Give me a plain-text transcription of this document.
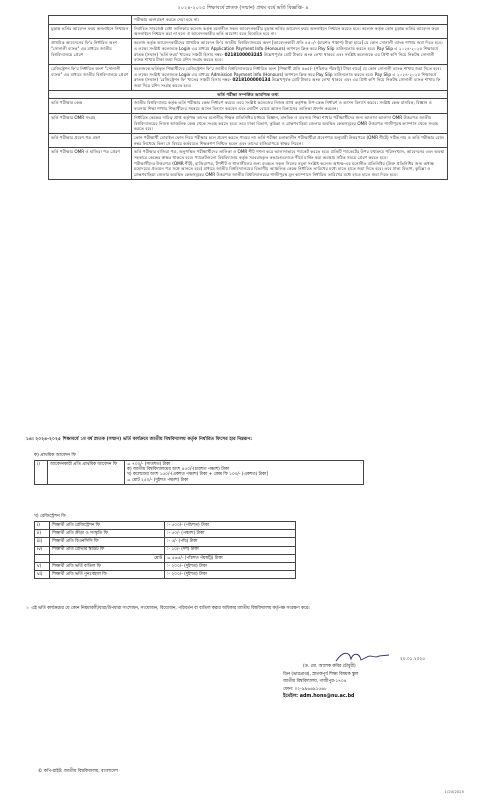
২০২৪-২০২৫ শিক্ষাবর্ষে স্নাতক (সম্মান) প্রথম বর্ষে ভর্তি বিজ্ঞপ্তি- ৪
	পরীক্ষায় অংশগ্রহণ করতে দেয়া হবে না।
চূড়ান্ত ভর্তির আবেদন ফরম অনলাইনে নিশ্চায়ন	নির্বাচিত সাবজেক্ট মেধা তালিকায় কলেজ কর্তৃক মনোনীত সকল আবেদনকারীর চূড়ান্ত ভর্তির আবেদন ফরম অনলাইনে নিশ্চয়ন করতে হবে। কলেজ কর্তৃক কোন চূড়ান্ত ভর্তির আবেদন ফরম অনলাইনে নিশ্চয়ন করা না হলে ঐ আবেদনকারীর ভর্তি অযোগ্য বলে বিবেচিত হবে না।
প্রাথমিক আবেদনের ফি'র নির্ধারিত অংশ "সোনালী ব্যাংক" এর মাধ্যমে জাতীয় বিশ্ববিদ্যালয়ে প্রেরণ	কলেজ কর্তৃক আবেদনকারীদের প্রাথমিক আবেদন ফি'র জাতীয় বিশ্ববিদ্যালয়ের অংশ [আবেদনকারী প্রতি ৪৫০/- (চারশত পঞ্চাশ) টাকা হারে] যে কোন সোনালী ব্যাংক শাখায় জমা দিতে হবে। এ লক্ষ্যে সংশ্লিষ্ট কলেজকে Login এর মাধ্যমে Application Payment Info (Honours) অপশনে ক্লিক করে Pay Slip ডাউনলোড করতে হবে। Pay Slip এ ২০২৪-২০২৫ শিক্ষাবর্ষে স্নাতক (সম্মান) 'ভর্তি ফরম' খাতের সঞ্চয়ী হিসাব নম্বর- 0218100003245 উল্লেখপূর্বক মোট টাকার অংক লেখা থাকবে এবং সংশ্লিষ্ট কলেজকে এর প্রিন্ট কপি নিয়ে নিকটস্থ সোনালী ব্যাংক শাখায় টাকা জমা দিয়ে রশিদ সংগ্রহ করতে হবে।
রেজিস্ট্রেশন ফি'র নির্ধারিত অংশ "সোনালী ব্যাংক" এর মাধ্যমে জাতীয় বিশ্ববিদ্যালয়ে প্রেরণ	কলেজকে ভর্তিকৃত শিক্ষার্থীদের রেজিস্ট্রেশন ফি'র জাতীয় বিশ্ববিদ্যালয়ের নির্ধারিত অংশ [শিক্ষার্থী প্রতি ৫৬৫/- (পাঁচশত পঁয়ষট্টি) টাকা হারে] যে কোন সোনালী ব্যাংক শাখায় জমা দিতে হবে। এ লক্ষ্যে সংশ্লিষ্ট কলেজকে Login এর মাধ্যমে Admission Payment Info (Honours) অপশনে ক্লিক করে Pay Slip ডাউনলোড করতে হবে। Pay Slip এ ২০২৪-২০২৫ শিক্ষাবর্ষে স্নাতক (সম্মান) 'রেজিস্ট্রেশন ফি' খাতের সঞ্চয়ী হিসাব নম্বর- 0218100000134 উল্লেখপূর্বক মোট টাকার অংক লেখা থাকবে এবং এর প্রিন্ট কপি নিয়ে নিকটস্থ সোনালী ব্যাংক শাখায় ফি জমা দিয়ে রশিদ সংগ্রহ করতে হবে।
ভর্তি পরীক্ষা সম্পর্কিত আবশ্যিক তথ্য	
ভর্তি পরীক্ষার কেন্দ্র	জাতীয় বিশ্ববিদ্যালয় কর্তৃক ভর্তি পরীক্ষার কেন্দ্র নির্ধারণ করবে। তবে সংশ্লিষ্ট কলেজের নিজস্ব প্রাপ্ত কর্তৃপক্ষ উপ-কেন্দ্র নির্ধারণ ও আসন বিন্যাস করবে। সংশ্লিষ্ট কেন্দ্র মানবিক, বিজ্ঞান ও ব্যবসায় শিক্ষা শাখার শিক্ষার্থীদের সমন্বয়ে আসন বিন্যাস করবেন এবং নোটিশ বোর্ডে আসন বিন্যাসের তালিকা প্রদর্শন করবেন।
ভর্তি পরীক্ষার OMR সংগ্রহ	নির্ধারিত কেন্দ্রের দায়িত্ব প্রাপ্ত কর্তৃপক্ষ তাদের মনোনীত শিক্ষক প্রতিনিধির মাধ্যমে বিজ্ঞান, মানবিক ও ব্যবসায় শিক্ষা শাখার পরীক্ষার্থীদের জন্য আলাদা আলাদা OMR উত্তরপত্র জাতীয় বিশ্ববিদ্যালয়ের নিজস্ব আঞ্চলিক কেন্দ্র থেকে সংগ্রহ করতে হবে। তবে ঢাকা বিভাগ, কুমিল্লা ও ব্রাহ্মণবাড়িয়া জেলার অবস্থিত কেন্দ্রসমূহের OMR উত্তরপত্র গাজীপুরস্থ ক্যাম্পাস থেকে সংগ্রহ করতে হবে।
ভর্তি পরীক্ষার প্রবেশ পত্র গ্রহণ	কোন পরীক্ষার্থী মোবাইল ফোন নিয়ে পরীক্ষার হলে প্রবেশ করতে পারবে না। ভর্তি পরীক্ষা চলাকালীন পরীক্ষার্থীরা প্রবেশপত্র অনুযায়ী উত্তরপত্রে (OMR শীটে) সঠিক নাম ও ভর্তি পরীক্ষার রোল নম্বর লিখেছে কিনা সে বিষয়ে কর্তব্যরত শিক্ষকগণ নিশ্চিত হবেন এবং তাদের হাজিরাপত্রে স্বাক্ষর নিবেন।
ভর্তি পরীক্ষার OMR ও হাজিরা পত্র প্রেরণ	ভর্তি পরীক্ষার হাজিরা পত্র, অনুপস্থিত পরীক্ষার্থীদের তালিকা ও OMR শীট গণনা করে আলাদাভাবে প্যাকেট করতে হবে। প্রতিটি প্যাকেটের উপর যথাক্রমে পরিসংখ্যান, আবেদনের এবং অবস্থা সহকারে কেন্দ্রের স্বাক্ষর থাকতে হবে। প্যাকেটগুলো বিশ্ববিদ্যালয় কর্তৃক সরবরাহকৃত কভারগুলোতে শীর্ষে মার্কিং করা অবস্থায় সঠিক সময়ে প্রেরণ করতে হবে।
পরীক্ষার্থীদের উত্তরপত্র (OMR শীট), হাজিরাপত্র, টপশীট ও গালাসীলের জন্য ব্যবহৃত সকল সিলের নমুনা সংশ্লিষ্ট কলেজ অধ্যক্ষ-এর মনোনীত প্রতিনিধির (উক্ত প্রতিনিধির জন্য অধ্যক্ষ মহোদয়ের প্রত্যয়ন পত্র সঙ্গে আনতে হবে) মাধ্যমে জাতীয় বিশ্ববিদ্যালয়ের বিভাগীয় আঞ্চলিক কেন্দ্রে নির্ধারিত তারিখের মধ্যে হাতে হাতে জমা দিতে হবে। তবে ঢাকা বিভাগ, কুমিল্লা ও ব্রাহ্মণবাড়িয়া জেলার অবস্থিত কেন্দ্রসমূহের OMR উত্তরপত্র জাতীয় বিশ্ববিদ্যালয়ের গাজীপুরস্থ মূল ক্যাম্পাসে নির্ধারিত তারিখের মধ্যে হাতে হাতে জমা দিতে হবে।
১৪। ২০২৪-২০২৫ শিক্ষাবর্ষে ১ম বর্ষ স্নাতক (সম্মান) ভর্তি কার্যক্রমে জাতীয় বিশ্ববিদ্যালয় কর্তৃক নির্ধারিত ফিসের হার নিম্নরূপ:
ক) প্রাথমিক আবেদন ফি
i)	আবেদনকারী প্রতি প্রাথমিক আবেদন ফি	= ৭০০/- (সাতশত) টাকা
ক) জাতীয় বিশ্ববিদ্যালয়ের অংশ ৪৫০/-(চারশত পঞ্চাশ) টাকা
খ) কলেজের অংশ ১৫০/-(একশত পঞ্চাশ) টাকা + কেন্দ্র ফি ১০০/- (একশত) টাকা]
= মোট ২৫০/- (দুইশত পঞ্চাশ) টাকা
খ) রেজিস্ট্রেশন ফি
i)	শিক্ষার্থী প্রতি রেজিস্ট্রেশন ফি	:- ৫০০/- (পাঁচশত) টাকা
ii)	শিক্ষার্থী প্রতি ক্রীড়া ও সংস্কৃতি ফি	:- ৫০/- (পঞ্চাশ) টাকা
iii)	শিক্ষার্থী প্রতি বিএনসিসি ফি	:- ৫/- (পাঁচ) টাকা
iv)	শিক্ষার্থী প্রতি রোভার স্কাউট ফি	:- ১০/- (দশ) টাকা
	মোট	= ৫৬৫/- (পাঁচশত পঁয়ষট্টি) টাকা
v)	শিক্ষার্থী প্রতি ভর্তি বাতিল ফি	:- ২০০/- (দুইশত) টাকা
vi)	শিক্ষার্থী প্রতি ভর্তি পুনঃবহাল ফি	:- ২০০/- (দুইশত) টাকা
☞ এই ভর্তি কার্যক্রমের যে কোন নিয়মাবলী/ধারা/উপধারা সংশোধন, সংযোজন, বিয়োজন, পরিবর্তন বা বাতিল করার অধিকার জাতীয় বিশ্ববিদ্যালয় কর্তৃপক্ষ সংরক্ষণ করে।
২০.০১.২০২৫
(ড. মো. আশেক কবির চৌধুরী)
ডিন (ভারপ্রাপ্ত), স্নাতকপূর্ব শিক্ষা বিষয়ক স্কুল
জাতীয় বিশ্ববিদ্যালয়, গাজীপুর-১৭০৪
ফোন: ০২-৯৯৬৬৯১৫৬৮
ইমেইল: adm.hons@nu.ac.bd
© কপি-রাইট: জাতীয় বিশ্ববিদ্যালয়, বাংলাদেশ
1/20/2025
